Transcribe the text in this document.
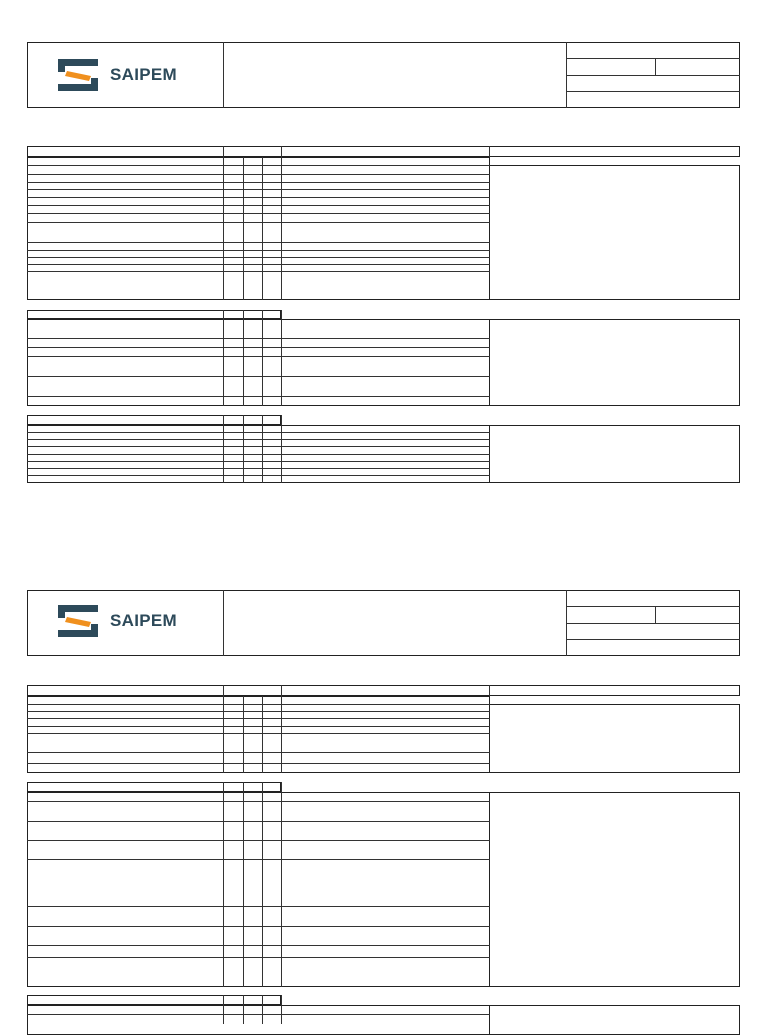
SAIPEM
SAIPEM
